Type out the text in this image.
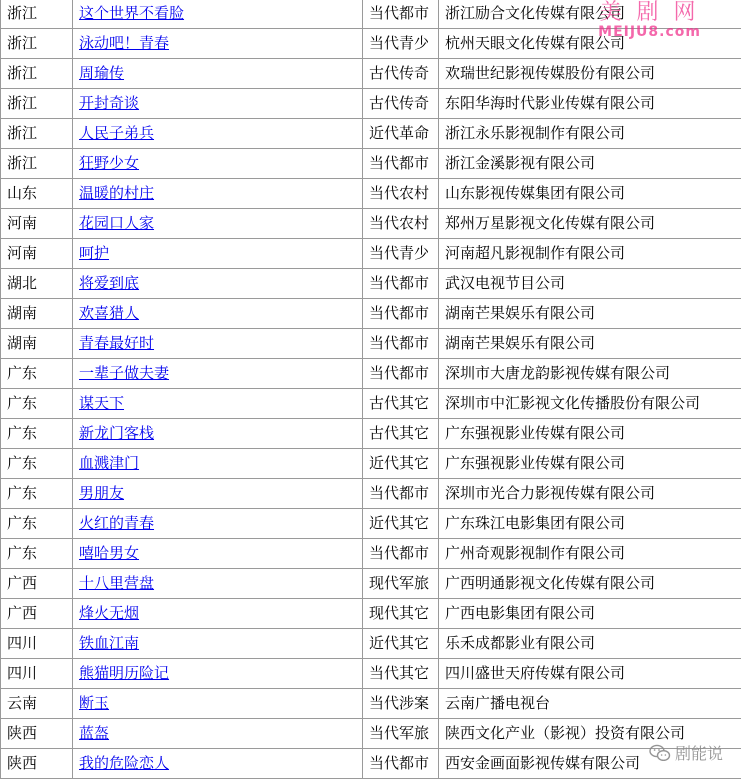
浙江	这个世界不看脸	当代都市	浙江励合文化传媒有限公司
浙江	泳动吧！青春	当代青少	杭州天眼文化传媒有限公司
浙江	周瑜传	古代传奇	欢瑞世纪影视传媒股份有限公司
浙江	开封奇谈	古代传奇	东阳华海时代影业传媒有限公司
浙江	人民子弟兵	近代革命	浙江永乐影视制作有限公司
浙江	狂野少女	当代都市	浙江金溪影视有限公司
山东	温暖的村庄	当代农村	山东影视传媒集团有限公司
河南	花园口人家	当代农村	郑州万星影视文化传媒有限公司
河南	呵护	当代青少	河南超凡影视制作有限公司
湖北	将爱到底	当代都市	武汉电视节目公司
湖南	欢喜猎人	当代都市	湖南芒果娱乐有限公司
湖南	青春最好时	当代都市	湖南芒果娱乐有限公司
广东	一辈子做夫妻	当代都市	深圳市大唐龙韵影视传媒有限公司
广东	谋天下	古代其它	深圳市中汇影视文化传播股份有限公司
广东	新龙门客栈	古代其它	广东强视影业传媒有限公司
广东	血溅津门	近代其它	广东强视影业传媒有限公司
广东	男朋友	当代都市	深圳市光合力影视传媒有限公司
广东	火红的青春	近代其它	广东珠江电影集团有限公司
广东	嘻哈男女	当代都市	广州奇观影视制作有限公司
广西	十八里营盘	现代军旅	广西明通影视文化传媒有限公司
广西	烽火无烟	现代其它	广西电影集团有限公司
四川	铁血江南	近代其它	乐禾成都影业有限公司
四川	熊猫明历险记	当代其它	四川盛世天府传媒有限公司
云南	断玉	当代涉案	云南广播电视台
陕西	蓝盔	当代军旅	陕西文化产业（影视）投资有限公司
陕西	我的危险恋人	当代都市	西安金画面影视传媒有限公司
美 剧 网
MEIJU8.com
剧能说
